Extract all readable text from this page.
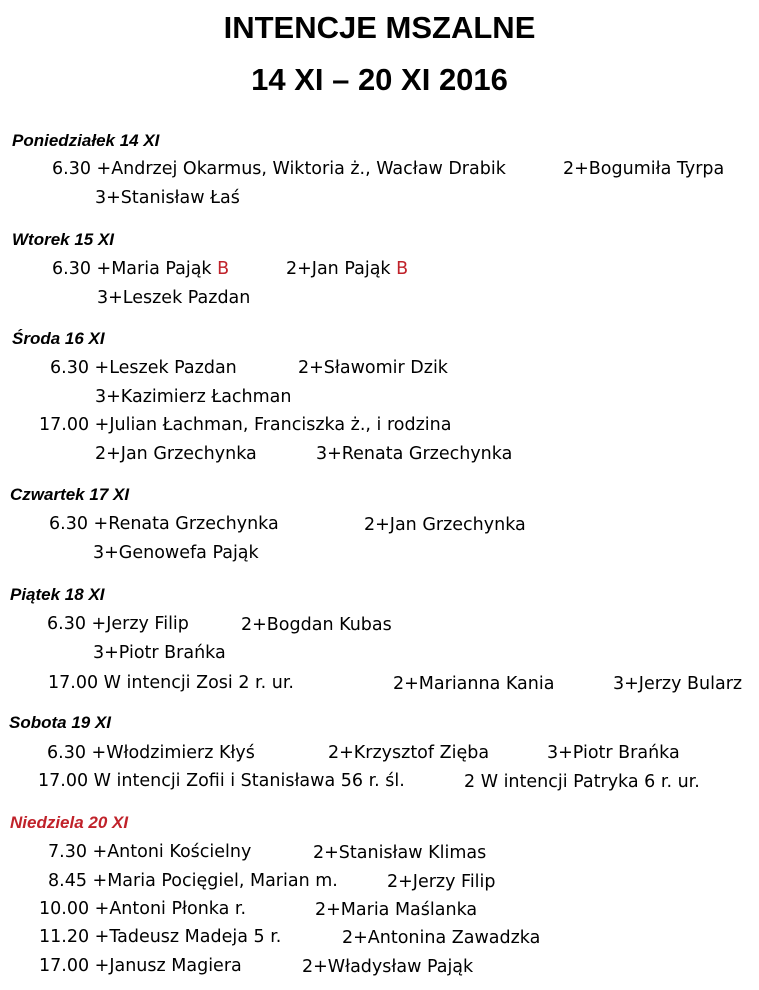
INTENCJE MSZALNE
14 XI – 20 XI 2016
Poniedziałek 14 XI
6.30 +Andrzej Okarmus, Wiktoria ż., Wacław Drabik	2+Bogumiła Tyrpa
3+Stanisław Łaś
Wtorek 15 XI
6.30 +Maria Pająk B	2+Jan Pająk B
3+Leszek Pazdan
Środa 16 XI
6.30 +Leszek Pazdan	2+Sławomir Dzik
3+Kazimierz Łachman
17.00 +Julian Łachman, Franciszka ż., i rodzina
2+Jan Grzechynka	3+Renata Grzechynka
Czwartek 17 XI
6.30 +Renata Grzechynka	2+Jan Grzechynka
3+Genowefa Pająk
Piątek 18 XI
6.30 +Jerzy Filip	2+Bogdan Kubas
3+Piotr Brańka
17.00 W intencji Zosi 2 r. ur.	2+Marianna Kania	3+Jerzy Bularz
Sobota 19 XI
6.30 +Włodzimierz Kłyś	2+Krzysztof Zięba	3+Piotr Brańka
17.00 W intencji Zofii i Stanisława 56 r. śl.	2 W intencji Patryka 6 r. ur.
Niedziela 20 XI
7.30 +Antoni Kościelny	2+Stanisław Klimas
8.45 +Maria Pocięgiel, Marian m.	2+Jerzy Filip
10.00 +Antoni Płonka r.	2+Maria Maślanka
11.20 +Tadeusz Madeja 5 r.	2+Antonina Zawadzka
17.00 +Janusz Magiera	2+Władysław Pająk
